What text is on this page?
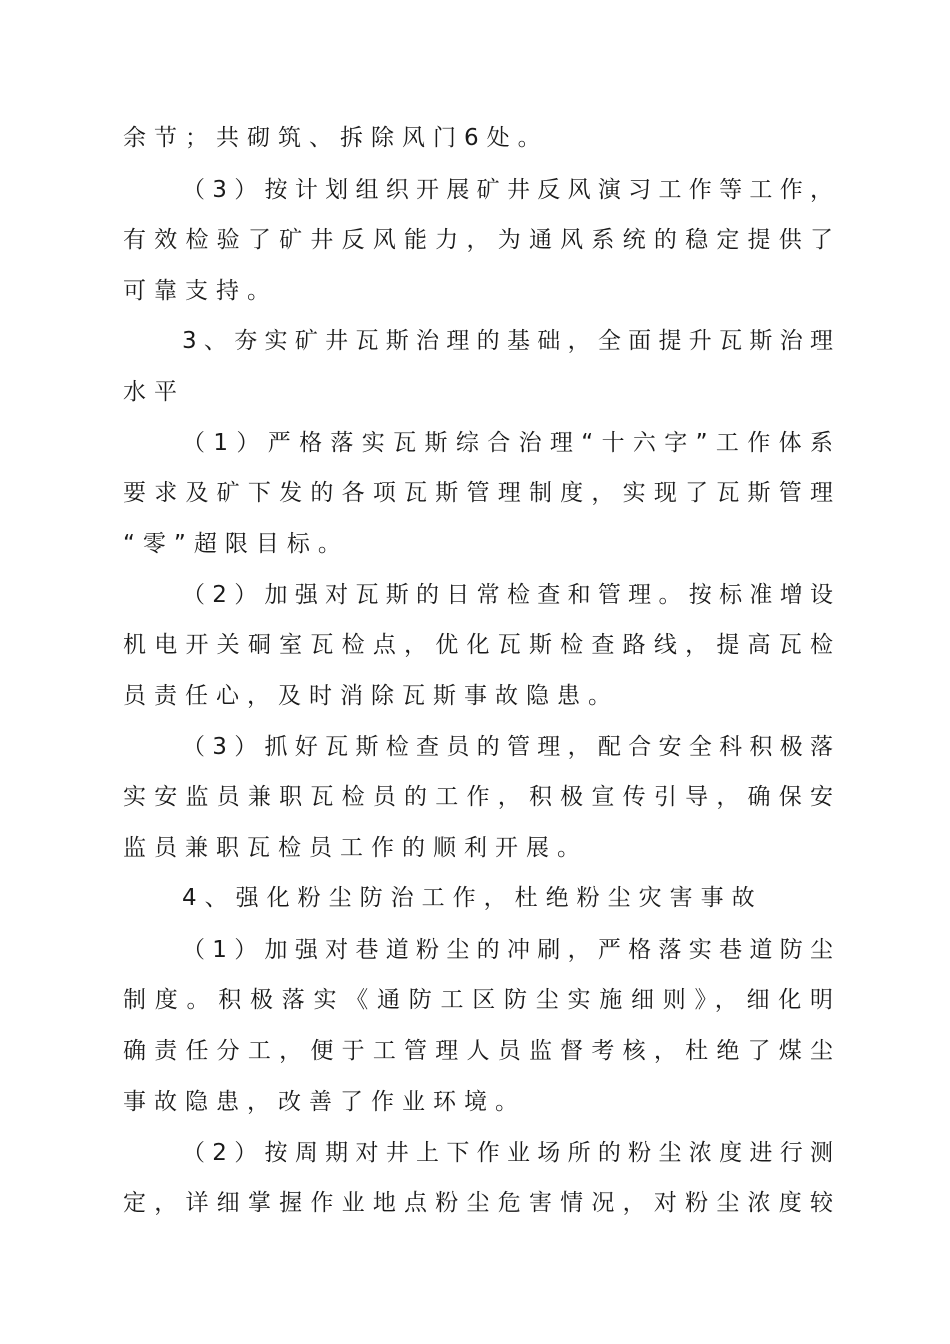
余节；共砌筑、拆除风门6处。
（3）按计划组织开展矿井反风演习工作等工作，
有效检验了矿井反风能力，为通风系统的稳定提供了
可靠支持。
3、夯实矿井瓦斯治理的基础，全面提升瓦斯治理
水平
（1）严格落实瓦斯综合治理“十六字”工作体系
要求及矿下发的各项瓦斯管理制度，实现了瓦斯管理
“零”超限目标。
（2）加强对瓦斯的日常检查和管理。按标准增设
机电开关硐室瓦检点，优化瓦斯检查路线，提高瓦检
员责任心，及时消除瓦斯事故隐患。
（3）抓好瓦斯检查员的管理，配合安全科积极落
实安监员兼职瓦检员的工作，积极宣传引导，确保安
监员兼职瓦检员工作的顺利开展。
4、强化粉尘防治工作，杜绝粉尘灾害事故
（1）加强对巷道粉尘的冲刷，严格落实巷道防尘
制度。积极落实《通防工区防尘实施细则》，细化明
确责任分工，便于工管理人员监督考核，杜绝了煤尘
事故隐患，改善了作业环境。
（2）按周期对井上下作业场所的粉尘浓度进行测
定，详细掌握作业地点粉尘危害情况，对粉尘浓度较
